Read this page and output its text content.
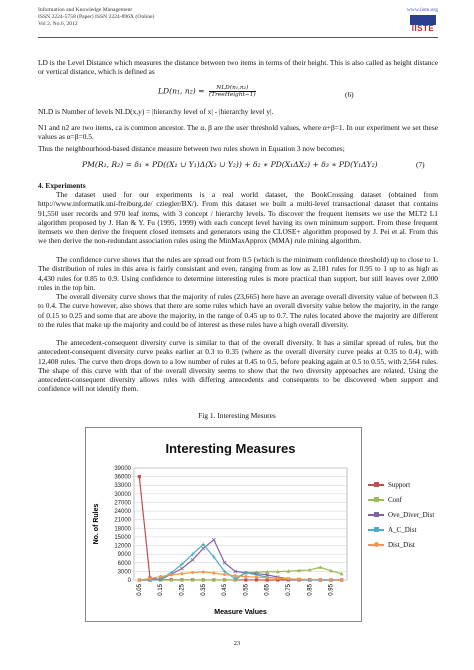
Information and Knowledge Management
ISSN 2224-5758 (Paper) ISSN 2224-896X (Online)
Vol 2, No.6, 2012
www.iiste.org
IISTE
LD is the Level Distance which measures the distance between two items in terms of their height. This is also called as height distance or vertical distance, which is defined as
LD(n₁, n₂) =	NLD(n₁,n₂)
(TreeHeight−1)	(6)
NLD is Number of levels NLD(x,y) = |hierarchy level of x| - |hierarchy level y|.
N1 and n2 are two items, ca is common ancestor. The α, β are the user threshold values, where α+β=1. In our experiment we set these values as α=β=0.5.
Thus the neighbourhood-based distance measure between two rules shown in Equation 3 now becomes;
PM(R₁, R₂) = δ₁ ∗ PD((X₁ ∪ Y₁)Δ(X₂ ∪ Y₂)) + δ₂ ∗ PD(X₁ΔX₂) + δ₃ ∗ PD(Y₁ΔY₂)	(7)
4. Experiments
The dataset used for our experiments is a real world dataset, the BookCrossing dataset (obtained from http://www.informatik.uni-freiburg.de/ cziegler/BX/). From this dataset we built a multi-level transactional dataset that contains 91,550 user records and 970 leaf items, with 3 concept / hierarchy levels. To discover the frequent itemsets we use the MLT2 L1 algorithm proposed by J. Han & Y. Fu (1995, 1999) with each concept level having its own minimum support. From these frequent itemsets we then derive the frequent closed itemsets and generators using the CLOSE+ algorithm proposed by J. Pei et al. From this we then derive the non-redundant association rules using the MinMaxApprox (MMA) rule mining algorithm.
The confidence curve shows that the rules are spread out from 0.5 (which is the minimum confidence threshold) up to close to 1. The distribution of rules in this area is fairly consistant and even, ranging from as low as 2,181 rules for 0.95 to 1 up to as high as 4,430 rules for 0.85 to 0.9. Using confidence to determine interesting rules is more practical than support, but still leaves over 2,000 rules in the top bin.
The overall diversity curve shows that the majority of rules (23,665) here have an average overall diversity value of between 0.3 to 0.4. The curve however, also shows that there are some rules which have an overall diversity value below the majority, in the range of 0.15 to 0.25 and some that are above the majority, in the range of 0.45 up to 0.7. The rules located above the majority are different to the rules that make up the majority and could be of interest as these rules have a high overall diversity.
The antecedent-consequent diversity curve is similar to that of the overall diversity. It has a similar spread of rules, but the antecedent-consequent diversity curve peaks earlier at 0.3 to 0.35 (where as the overall diversity curve peaks at 0.35 to 0.4), with 12,408 rules. The curve then drops down to a low number of rules at 0.45 to 0.5, before peaking again at 0.5 to 0.55, with 2,564 rules. The shape of this curve with that of the overall diversity seems to show that the two diversity approaches are related. Using the antecedent-consequent diversity allows rules with differing antecedents and consequents to be discovered when support and confidence will not identify them.
Fig 1. Interesting Mesures
0
3000
6000
9000
12000
15000
18000
21000
24000
27000
30000
33000
36000
39000
Interesting Measures
No. of Rules
Measure Values
0.05	0.15	0.25	0.35	0.45	0.55	0.65	0.75	0.85	0.95
Support
Conf
Ove_Diver_Dist
A_C_Dist
Dist_Dist
23
